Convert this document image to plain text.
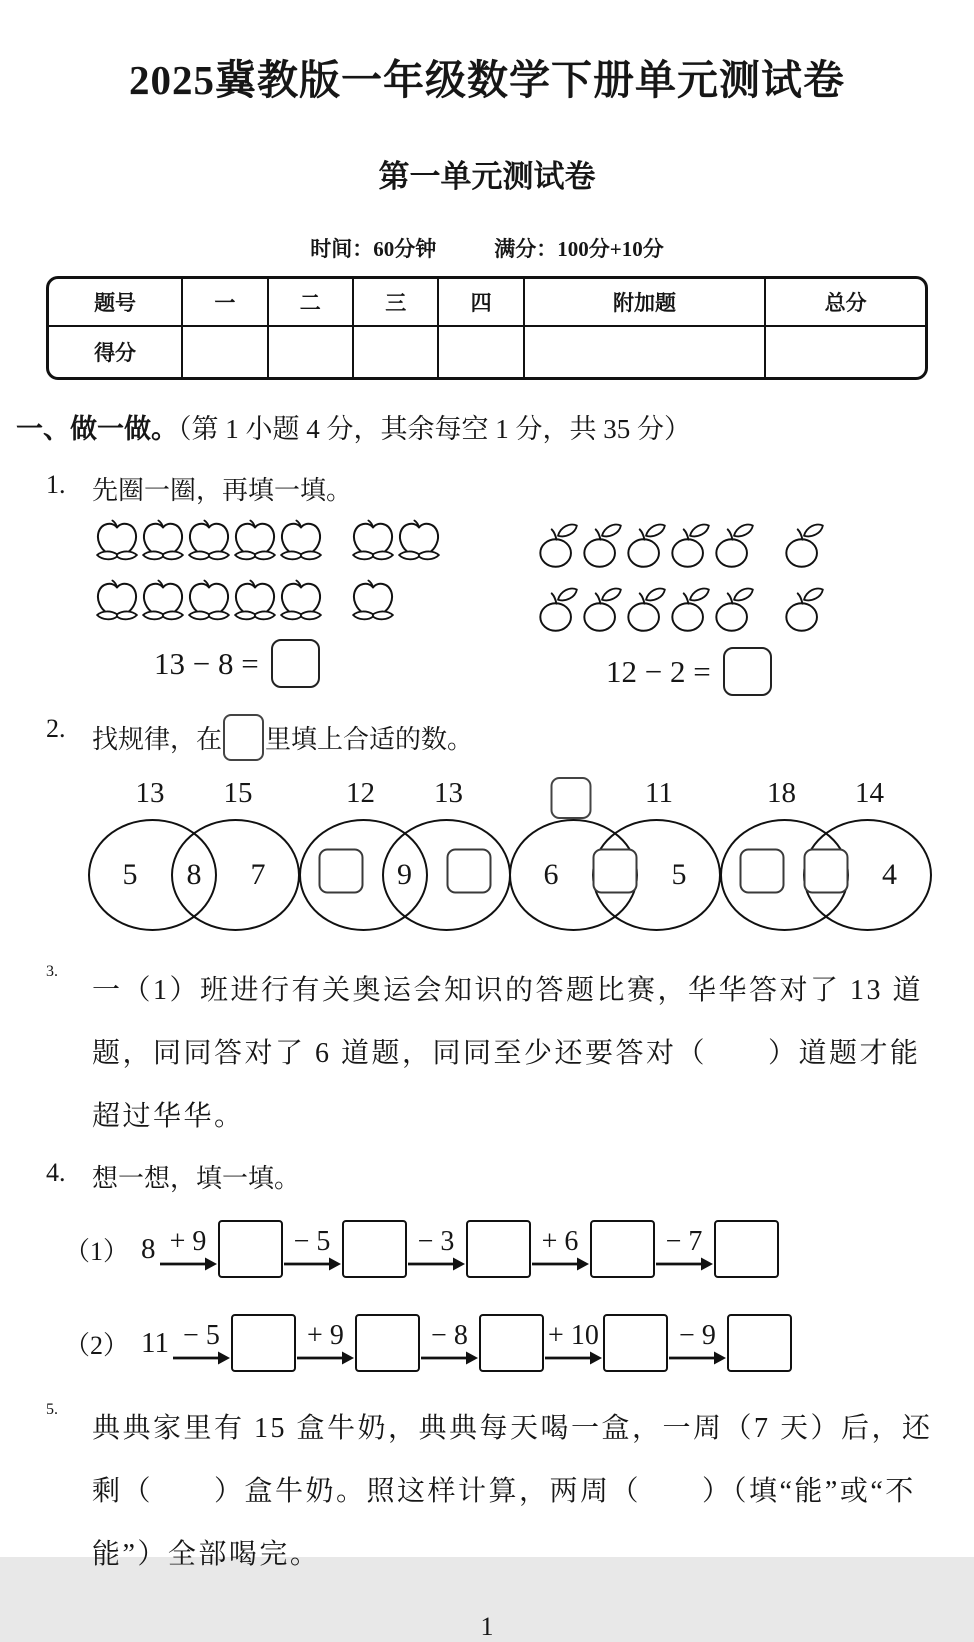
2025冀教版一年级数学下册单元测试卷
第一单元测试卷
时间：60分钟	满分：100分+10分
题号	一	二	三	四	附加题	总分
得分						
一、做一做。（第 1 小题 4 分，其余每空 1 分，共 35 分）
1.	先圈一圈，再填一填。
13 − 8 =	12 − 2 =
2.	找规律，在 里填上合适的数。
13 15
5 8 7
12 13
9
11
6	5
18 14
4
3.
一（1）班进行有关奥运会知识的答题比赛，华华答对了 13 道
题，同同答对了 6 道题，同同至少还要答对（　　）道题才能
超过华华。
4.	想一想，填一填。
（1） 8 + 9	− 5	− 3	+ 6	− 7
（2） 11 − 5	+ 9	− 8	+ 10	− 9
5.
典典家里有 15 盒牛奶，典典每天喝一盒，一周（7 天）后，还
剩（　　）盒牛奶。照这样计算，两周（　　）（填“能”或“不
能”）全部喝完。
1
